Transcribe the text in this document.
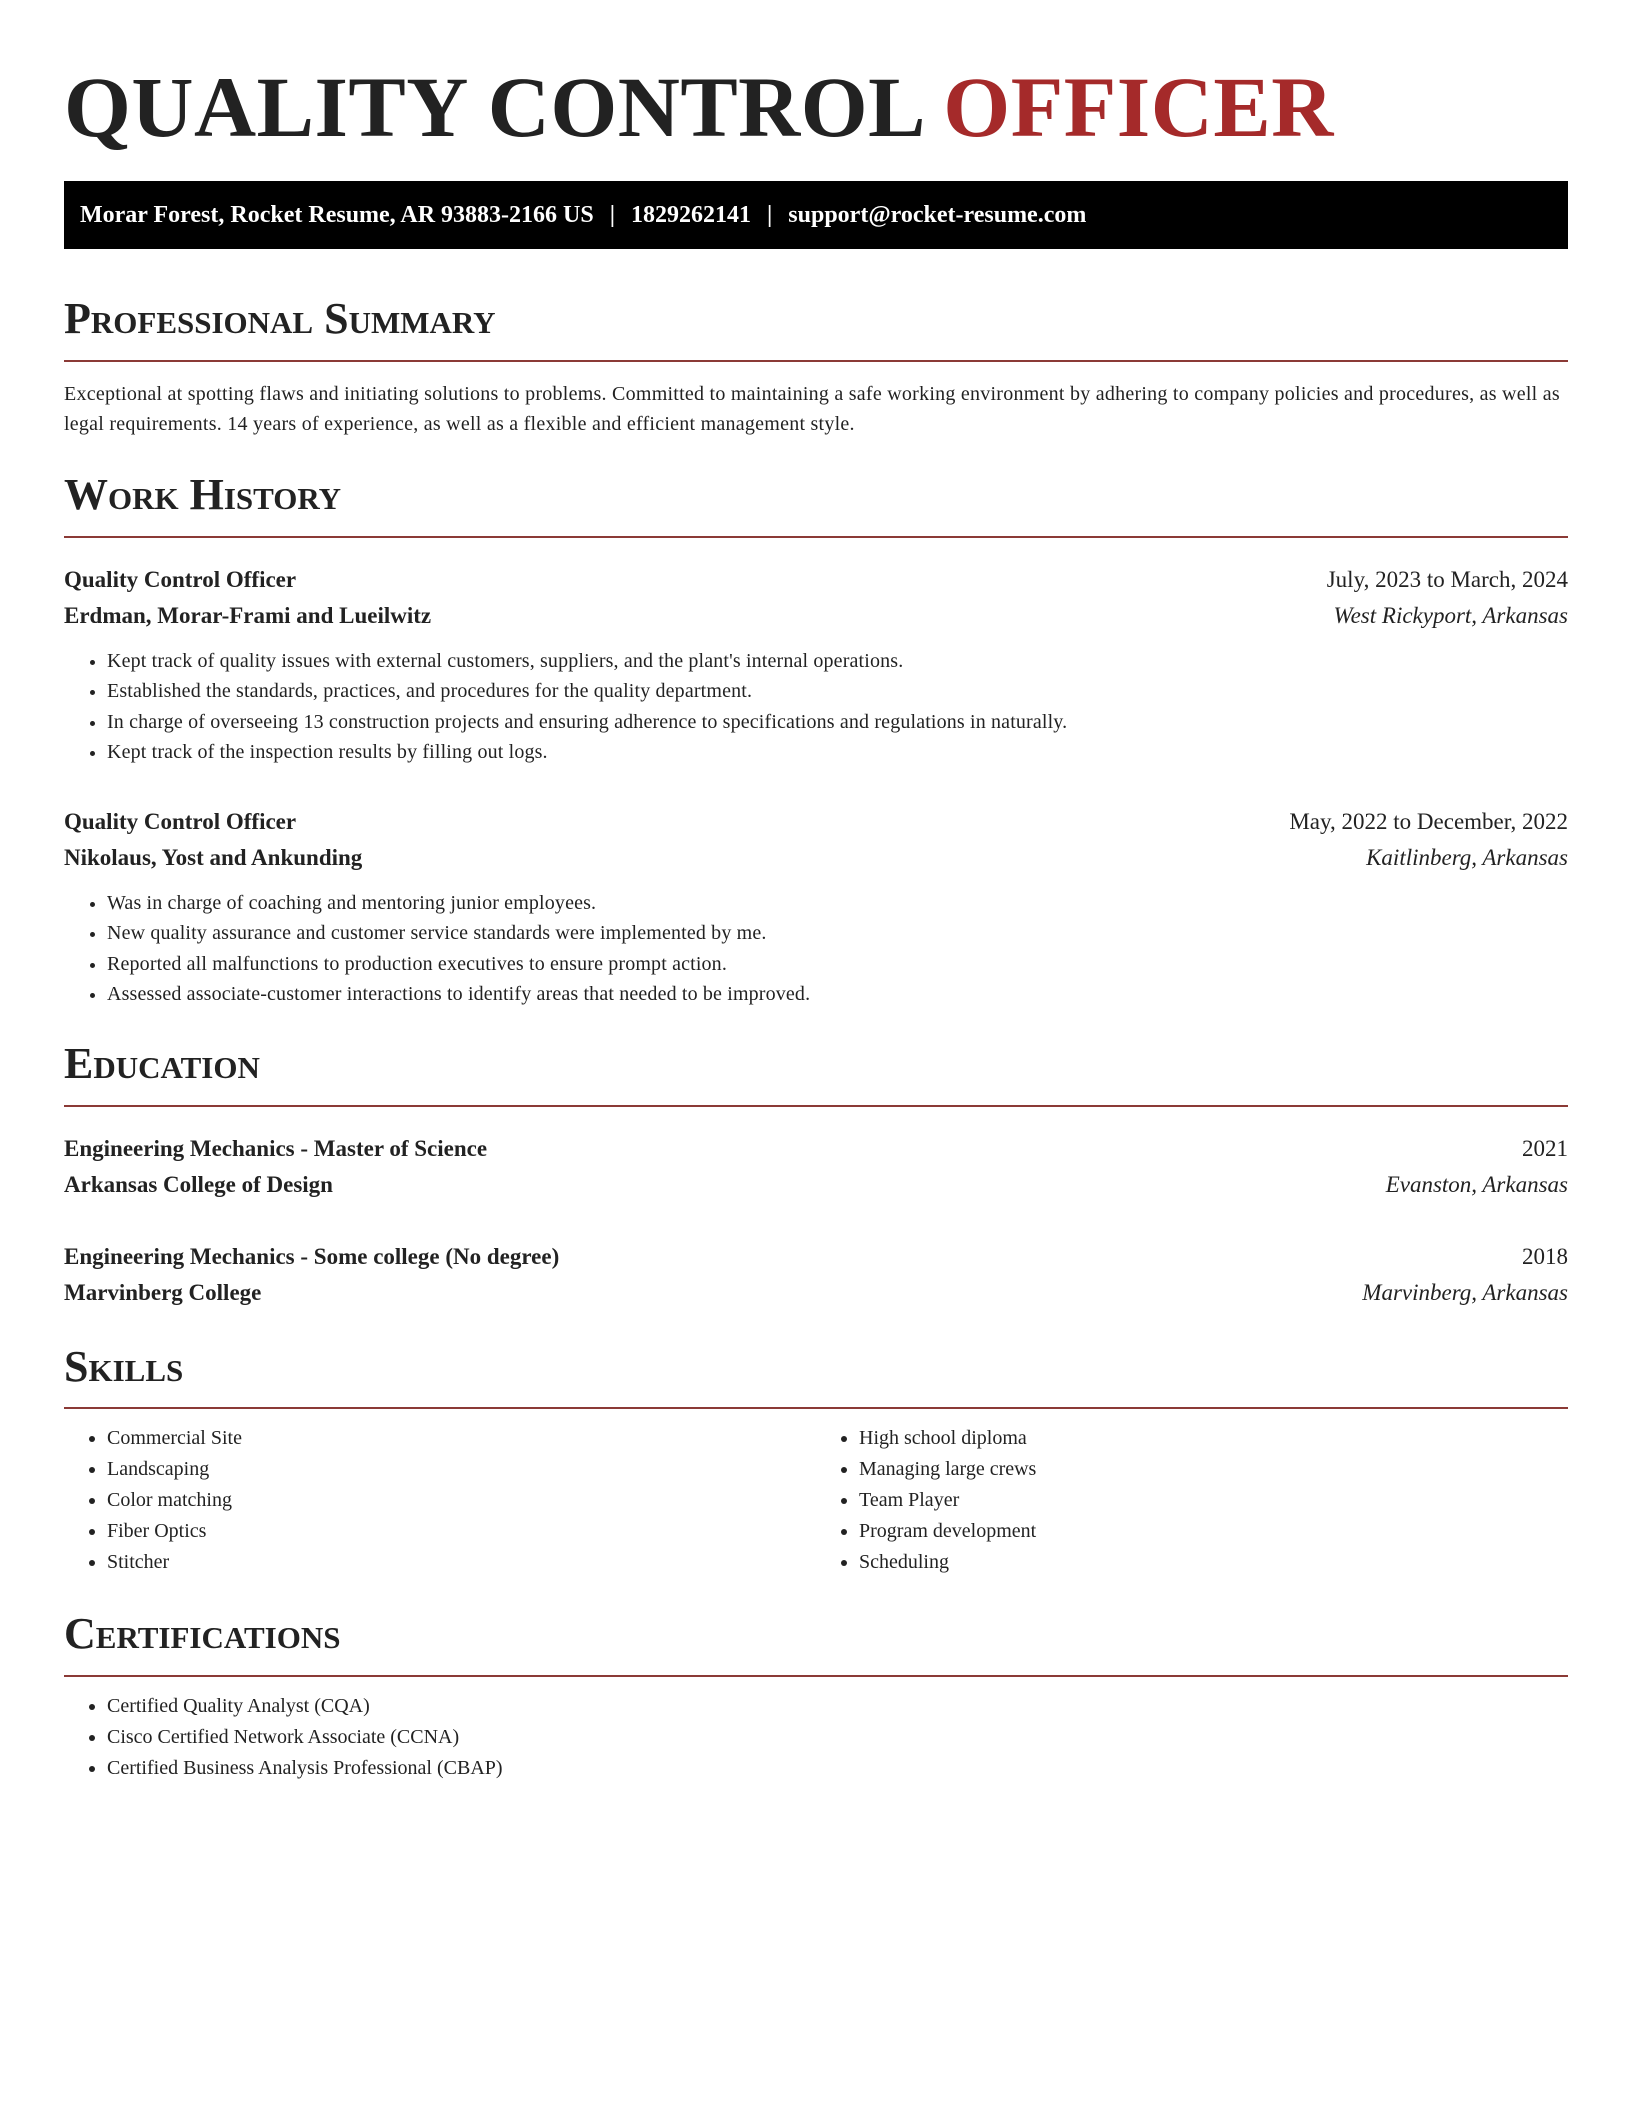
QUALITY CONTROL OFFICER
Morar Forest, Rocket Resume, AR 93883-2166 US | 1829262141 | support@rocket-resume.com
Professional Summary

Exceptional at spotting flaws and initiating solutions to problems. Committed to maintaining a safe working environment by adhering to company policies and procedures, as well as legal requirements. 14 years of experience, as well as a flexible and efficient management style.

Work History
Quality Control Officer	July, 2023 to March, 2024
Erdman, Morar-Frami and Lueilwitz	West Rickyport, Arkansas
• Kept track of quality issues with external customers, suppliers, and the plant's internal operations.
• Established the standards, practices, and procedures for the quality department.
• In charge of overseeing 13 construction projects and ensuring adherence to specifications and regulations in naturally.
• Kept track of the inspection results by filling out logs.
Quality Control Officer	May, 2022 to December, 2022
Nikolaus, Yost and Ankunding	Kaitlinberg, Arkansas
• Was in charge of coaching and mentoring junior employees.
• New quality assurance and customer service standards were implemented by me.
• Reported all malfunctions to production executives to ensure prompt action.
• Assessed associate-customer interactions to identify areas that needed to be improved.
Education
Engineering Mechanics - Master of Science	2021
Arkansas College of Design	Evanston, Arkansas
Engineering Mechanics - Some college (No degree)	2018
Marvinberg College	Marvinberg, Arkansas
Skills
• Commercial Site
• Landscaping
• Color matching
• Fiber Optics
• Stitcher
• High school diploma
• Managing large crews
• Team Player
• Program development
• Scheduling
Certifications
• Certified Quality Analyst (CQA)
• Cisco Certified Network Associate (CCNA)
• Certified Business Analysis Professional (CBAP)
